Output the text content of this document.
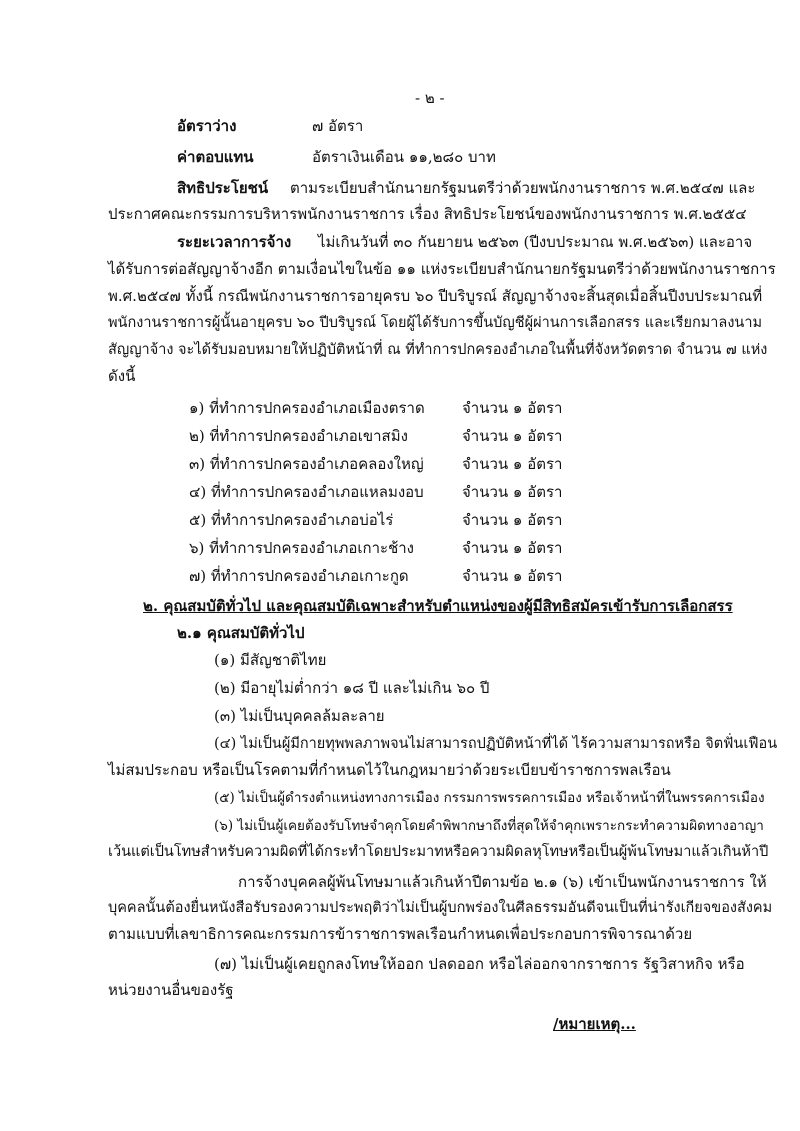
- ๒ -
อัตราว่าง	๗ อัตรา
ค่าตอบแทน	อัตราเงินเดือน ๑๑,๒๘๐ บาท
สิทธิประโยชน์ ตามระเบียบสำนักนายกรัฐมนตรีว่าด้วยพนักงานราชการ พ.ศ.๒๕๔๗ และ
ประกาศคณะกรรมการบริหารพนักงานราชการ เรื่อง สิทธิประโยชน์ของพนักงานราชการ พ.ศ.๒๕๕๔
ระยะเวลาการจ้าง ไม่เกินวันที่ ๓๐ กันยายน ๒๕๖๓ (ปีงบประมาณ พ.ศ.๒๕๖๓) และอาจ
ได้รับการต่อสัญญาจ้างอีก ตามเงื่อนไขในข้อ ๑๑ แห่งระเบียบสำนักนายกรัฐมนตรีว่าด้วยพนักงานราชการ
พ.ศ.๒๕๔๗ ทั้งนี้ กรณีพนักงานราชการอายุครบ ๖๐ ปีบริบูรณ์ สัญญาจ้างจะสิ้นสุดเมื่อสิ้นปีงบประมาณที่
พนักงานราชการผู้นั้นอายุครบ ๖๐ ปีบริบูรณ์ โดยผู้ได้รับการขึ้นบัญชีผู้ผ่านการเลือกสรร และเรียกมาลงนาม
สัญญาจ้าง จะได้รับมอบหมายให้ปฏิบัติหน้าที่ ณ ที่ทำการปกครองอำเภอในพื้นที่จังหวัดตราด จำนวน ๗ แห่ง
ดังนี้
๑) ที่ทำการปกครองอำเภอเมืองตราด จำนวน ๑ อัตรา
๒) ที่ทำการปกครองอำเภอเขาสมิง	จำนวน ๑ อัตรา
๓) ที่ทำการปกครองอำเภอคลองใหญ่	จำนวน ๑ อัตรา
๔) ที่ทำการปกครองอำเภอแหลมงอบ	จำนวน ๑ อัตรา
๕) ที่ทำการปกครองอำเภอบ่อไร่	จำนวน ๑ อัตรา
๖) ที่ทำการปกครองอำเภอเกาะช้าง	จำนวน ๑ อัตรา
๗) ที่ทำการปกครองอำเภอเกาะกูด	จำนวน ๑ อัตรา
๒. คุณสมบัติทั่วไป และคุณสมบัติเฉพาะสำหรับตำแหน่งของผู้มีสิทธิสมัครเข้ารับการเลือกสรร
๒.๑ คุณสมบัติทั่วไป
(๑) มีสัญชาติไทย
(๒) มีอายุไม่ต่ำกว่า ๑๘ ปี และไม่เกิน ๖๐ ปี
(๓) ไม่เป็นบุคคลล้มละลาย
(๔) ไม่เป็นผู้มีกายทุพพลภาพจนไม่สามารถปฏิบัติหน้าที่ได้ ไร้ความสามารถหรือ จิตฟั่นเฟือน
ไม่สมประกอบ หรือเป็นโรคตามที่กำหนดไว้ในกฎหมายว่าด้วยระเบียบข้าราชการพลเรือน
(๕) ไม่เป็นผู้ดำรงตำแหน่งทางการเมือง กรรมการพรรคการเมือง หรือเจ้าหน้าที่ในพรรคการเมือง
(๖) ไม่เป็นผู้เคยต้องรับโทษจำคุกโดยคำพิพากษาถึงที่สุดให้จำคุกเพราะกระทำความผิดทางอาญา
เว้นแต่เป็นโทษสำหรับความผิดที่ได้กระทำโดยประมาทหรือความผิดลหุโทษหรือเป็นผู้พ้นโทษมาแล้วเกินห้าปี
การจ้างบุคคลผู้พ้นโทษมาแล้วเกินห้าปีตามข้อ ๒.๑ (๖) เข้าเป็นพนักงานราชการ ให้
บุคคลนั้นต้องยื่นหนังสือรับรองความประพฤติว่าไม่เป็นผู้บกพร่องในศีลธรรมอันดีจนเป็นที่น่ารังเกียจของสังคม
ตามแบบที่เลขาธิการคณะกรรมการข้าราชการพลเรือนกำหนดเพื่อประกอบการพิจารณาด้วย
(๗) ไม่เป็นผู้เคยถูกลงโทษให้ออก ปลดออก หรือไล่ออกจากราชการ รัฐวิสาหกิจ หรือ
หน่วยงานอื่นของรัฐ
/หมายเหตุ...
